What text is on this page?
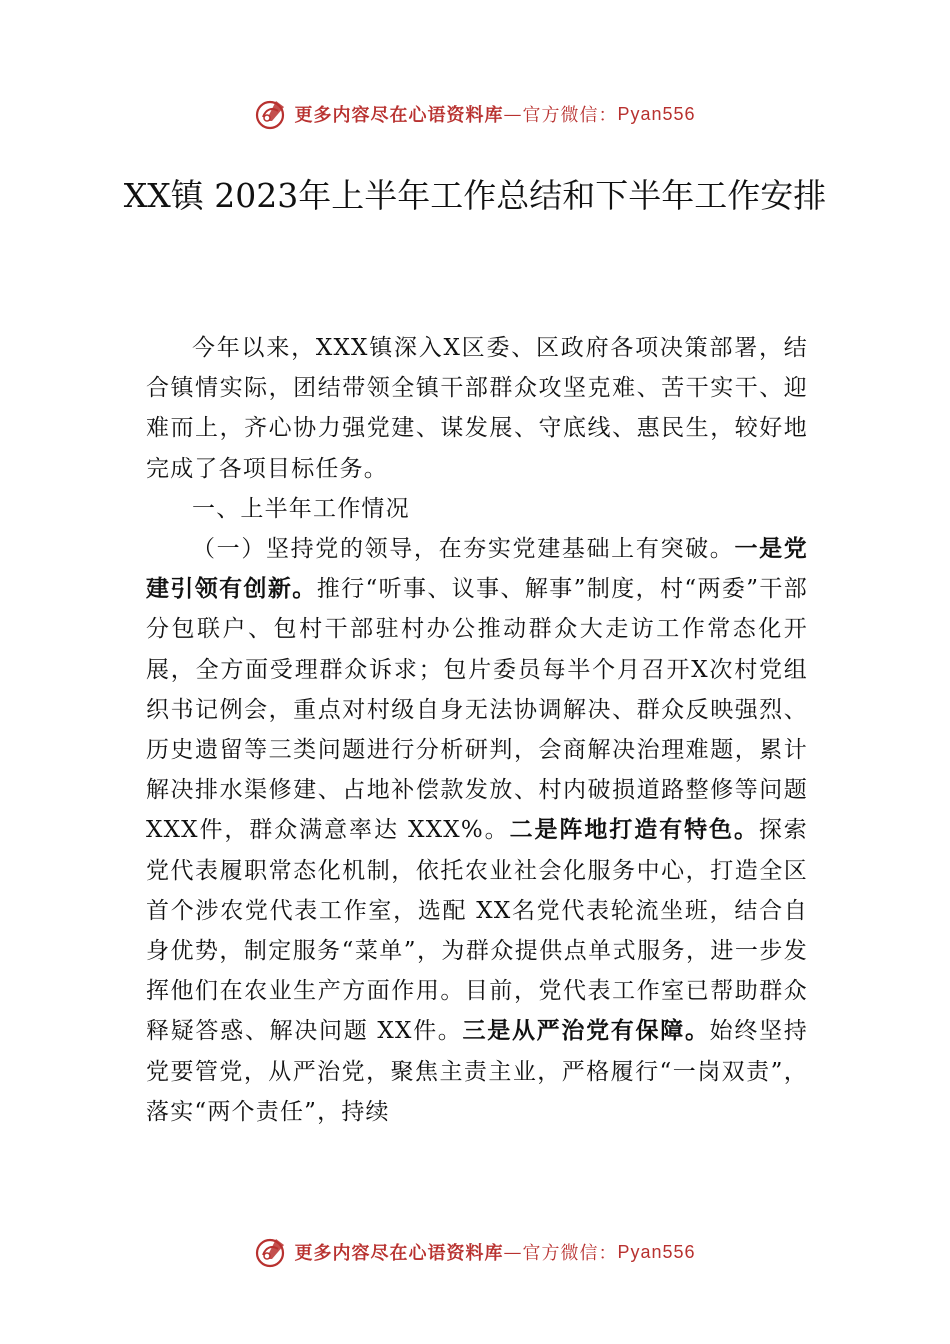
更多内容尽在心语资料库 — 官方微信： Pyan556
XX镇 2023年上半年工作总结和下半年工作安排

今年以来，XXX镇深入X区委、区政府各项决策部署，结合镇情实际，团结带领全镇干部群众攻坚克难、苦干实干、迎难而上，齐心协力强党建、谋发展、守底线、惠民生，较好地完成了各项目标任务。

一、上半年工作情况

（一）坚持党的领导，在夯实党建基础上有突破。一是党建引领有创新。推行“听事、议事、解事”制度，村“两委”干部分包联户、包村干部驻村办公推动群众大走访工作常态化开展，全方面受理群众诉求；包片委员每半个月召开X次村党组织书记例会，重点对村级自身无法协调解决、群众反映强烈、历史遗留等三类问题进行分析研判，会商解决治理难题，累计解决排水渠修建、占地补偿款发放、村内破损道路整修等问题 XXX件，群众满意率达 XXX%。二是阵地打造有特色。探索党代表履职常态化机制，依托农业社会化服务中心，打造全区首个涉农党代表工作室，选配 XX名党代表轮流坐班，结合自身优势，制定服务“菜单”，为群众提供点单式服务，进一步发挥他们在农业生产方面作用。目前，党代表工作室已帮助群众释疑答惑、解决问题 XX件。三是从严治党有保障。始终坚持党要管党，从严治党，聚焦主责主业，严格履行“一岗双责”，落实“两个责任”，持续

更多内容尽在心语资料库 — 官方微信： Pyan556
